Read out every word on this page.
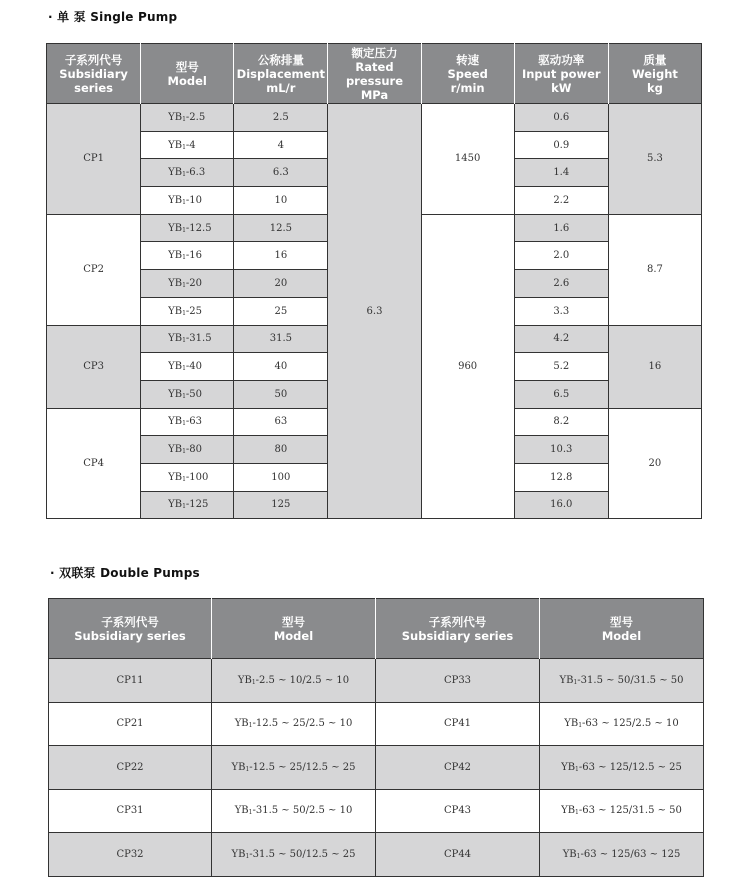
· 单 泵 Single Pump
子系列代号
Subsidiary
series	型号
Model	公称排量
Displacement
mL/r	额定压力
Rated pressure
MPa	转速
Speed
r/min	驱动功率
Input power
kW	质量
Weight
kg
CP1	$YB_1-2.5$	2.5	6.3	1450	0.6	5.3
	$YB_1-4$	4			0.9	
	$YB_1-6.3$	6.3			1.4	
	$YB_1-10$	10			2.2	
CP2	$YB_1-12.5$	12.5		960	1.6	8.7
	$YB_1-16$	16			2.0	
	$YB_1-20$	20			2.6	
	$YB_1-25$	25			3.3	
CP3	$YB_1-31.5$	31.5			4.2	16
	$YB_1-40$	40			5.2	
	$YB_1-50$	50			6.5	
CP4	$YB_1-63$	63			8.2	20
	$YB_1-80$	80			10.3	
	$YB_1-100$	100			12.8	
	$YB_1-125$	125			16.0	
· 双联泵 Double Pumps
子系列代号
Subsidiary series	型号
Model	子系列代号
Subsidiary series	型号
Model
CP11	$YB_1-2.5$ ~ 10/2.5 ~ 10	CP33	$YB_1-31.5$ ~ 50/31.5 ~ 50
CP21	$YB_1-12.5$ ~ 25/2.5 ~ 10	CP41	$YB_1-63$ ~ 125/2.5 ~ 10
CP22	$YB_1-12.5$ ~ 25/12.5 ~ 25	CP42	$YB_1-63$ ~ 125/12.5 ~ 25
CP31	$YB_1-31.5$ ~ 50/2.5 ~ 10	CP43	$YB_1-63$ ~ 125/31.5 ~ 50
CP32	$YB_1-31.5$ ~ 50/12.5 ~ 25	CP44	$YB_1-63$ ~ 125/63 ~ 125
